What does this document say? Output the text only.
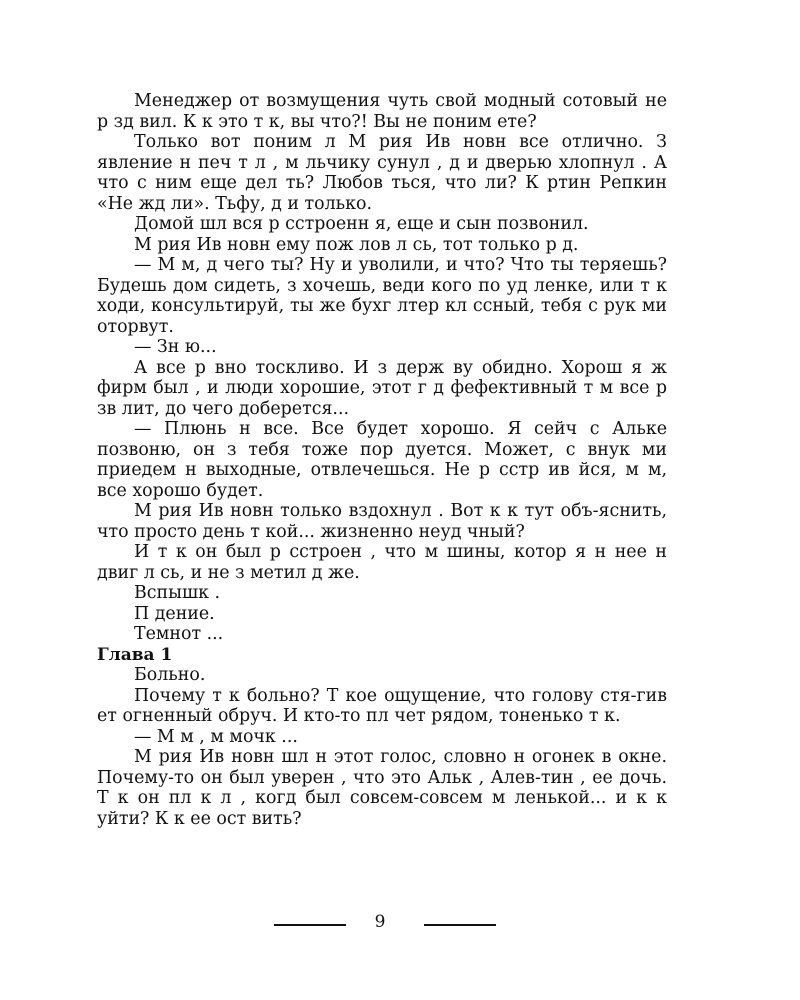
Менеджер от возмущения чуть свой модный сотовый не р зд вил. К к это т к, вы что?! Вы не поним ете?

Только вот поним л М рия Ив новн все отлично. З явление н печ т л , м льчику сунул , д и дверью хлопнул . А что с ним еще дел ть? Любов ться, что ли? К ртин Репкин «Не жд ли». Тьфу, д и только.

Домой шл вся р сстроенн я, еще и сын позвонил.

М рия Ив новн ему пож лов л сь, тот только р д.

— М м, д чего ты? Ну и уволили, и что? Что ты теряешь? Будешь дом сидеть, з хочешь, веди кого по уд ленке, или т к ходи, консультируй, ты же бухг лтер кл ссный, тебя с рук ми оторвут.

— Зн ю...

А все р вно тоскливо. И з держ ву обидно. Хорош я ж фирм был , и люди хорошие, этот г д фефективный т м все р зв лит, до чего доберется...

— Плюнь н все. Все будет хорошо. Я сейч с Альке позвоню, он з тебя тоже пор дуется. Может, с внук ми приедем н выходные, отвлечешься. Не р сстр ив йся, м м, все хорошо будет.

М рия Ив новн только вздохнул . Вот к к тут объ-яснить, что просто день т кой... жизненно неуд чный?

И т к он был р сстроен , что м шины, котор я н нее н двиг л сь, и не з метил д же.

Вспышк .

П дение.

Темнот ...

Глава 1

Больно.

Почему т к больно? Т кое ощущение, что голову стя-гив ет огненный обруч. И кто-то пл чет рядом, тоненько т к.

— М м , м мочк ...

М рия Ив новн шл н этот голос, словно н огонек в окне. Почему-то он был уверен , что это Альк , Алев-тин , ее дочь. Т к он пл к л , когд был совсем-совсем м ленькой... и к к уйти? К к ее ост вить?

9
